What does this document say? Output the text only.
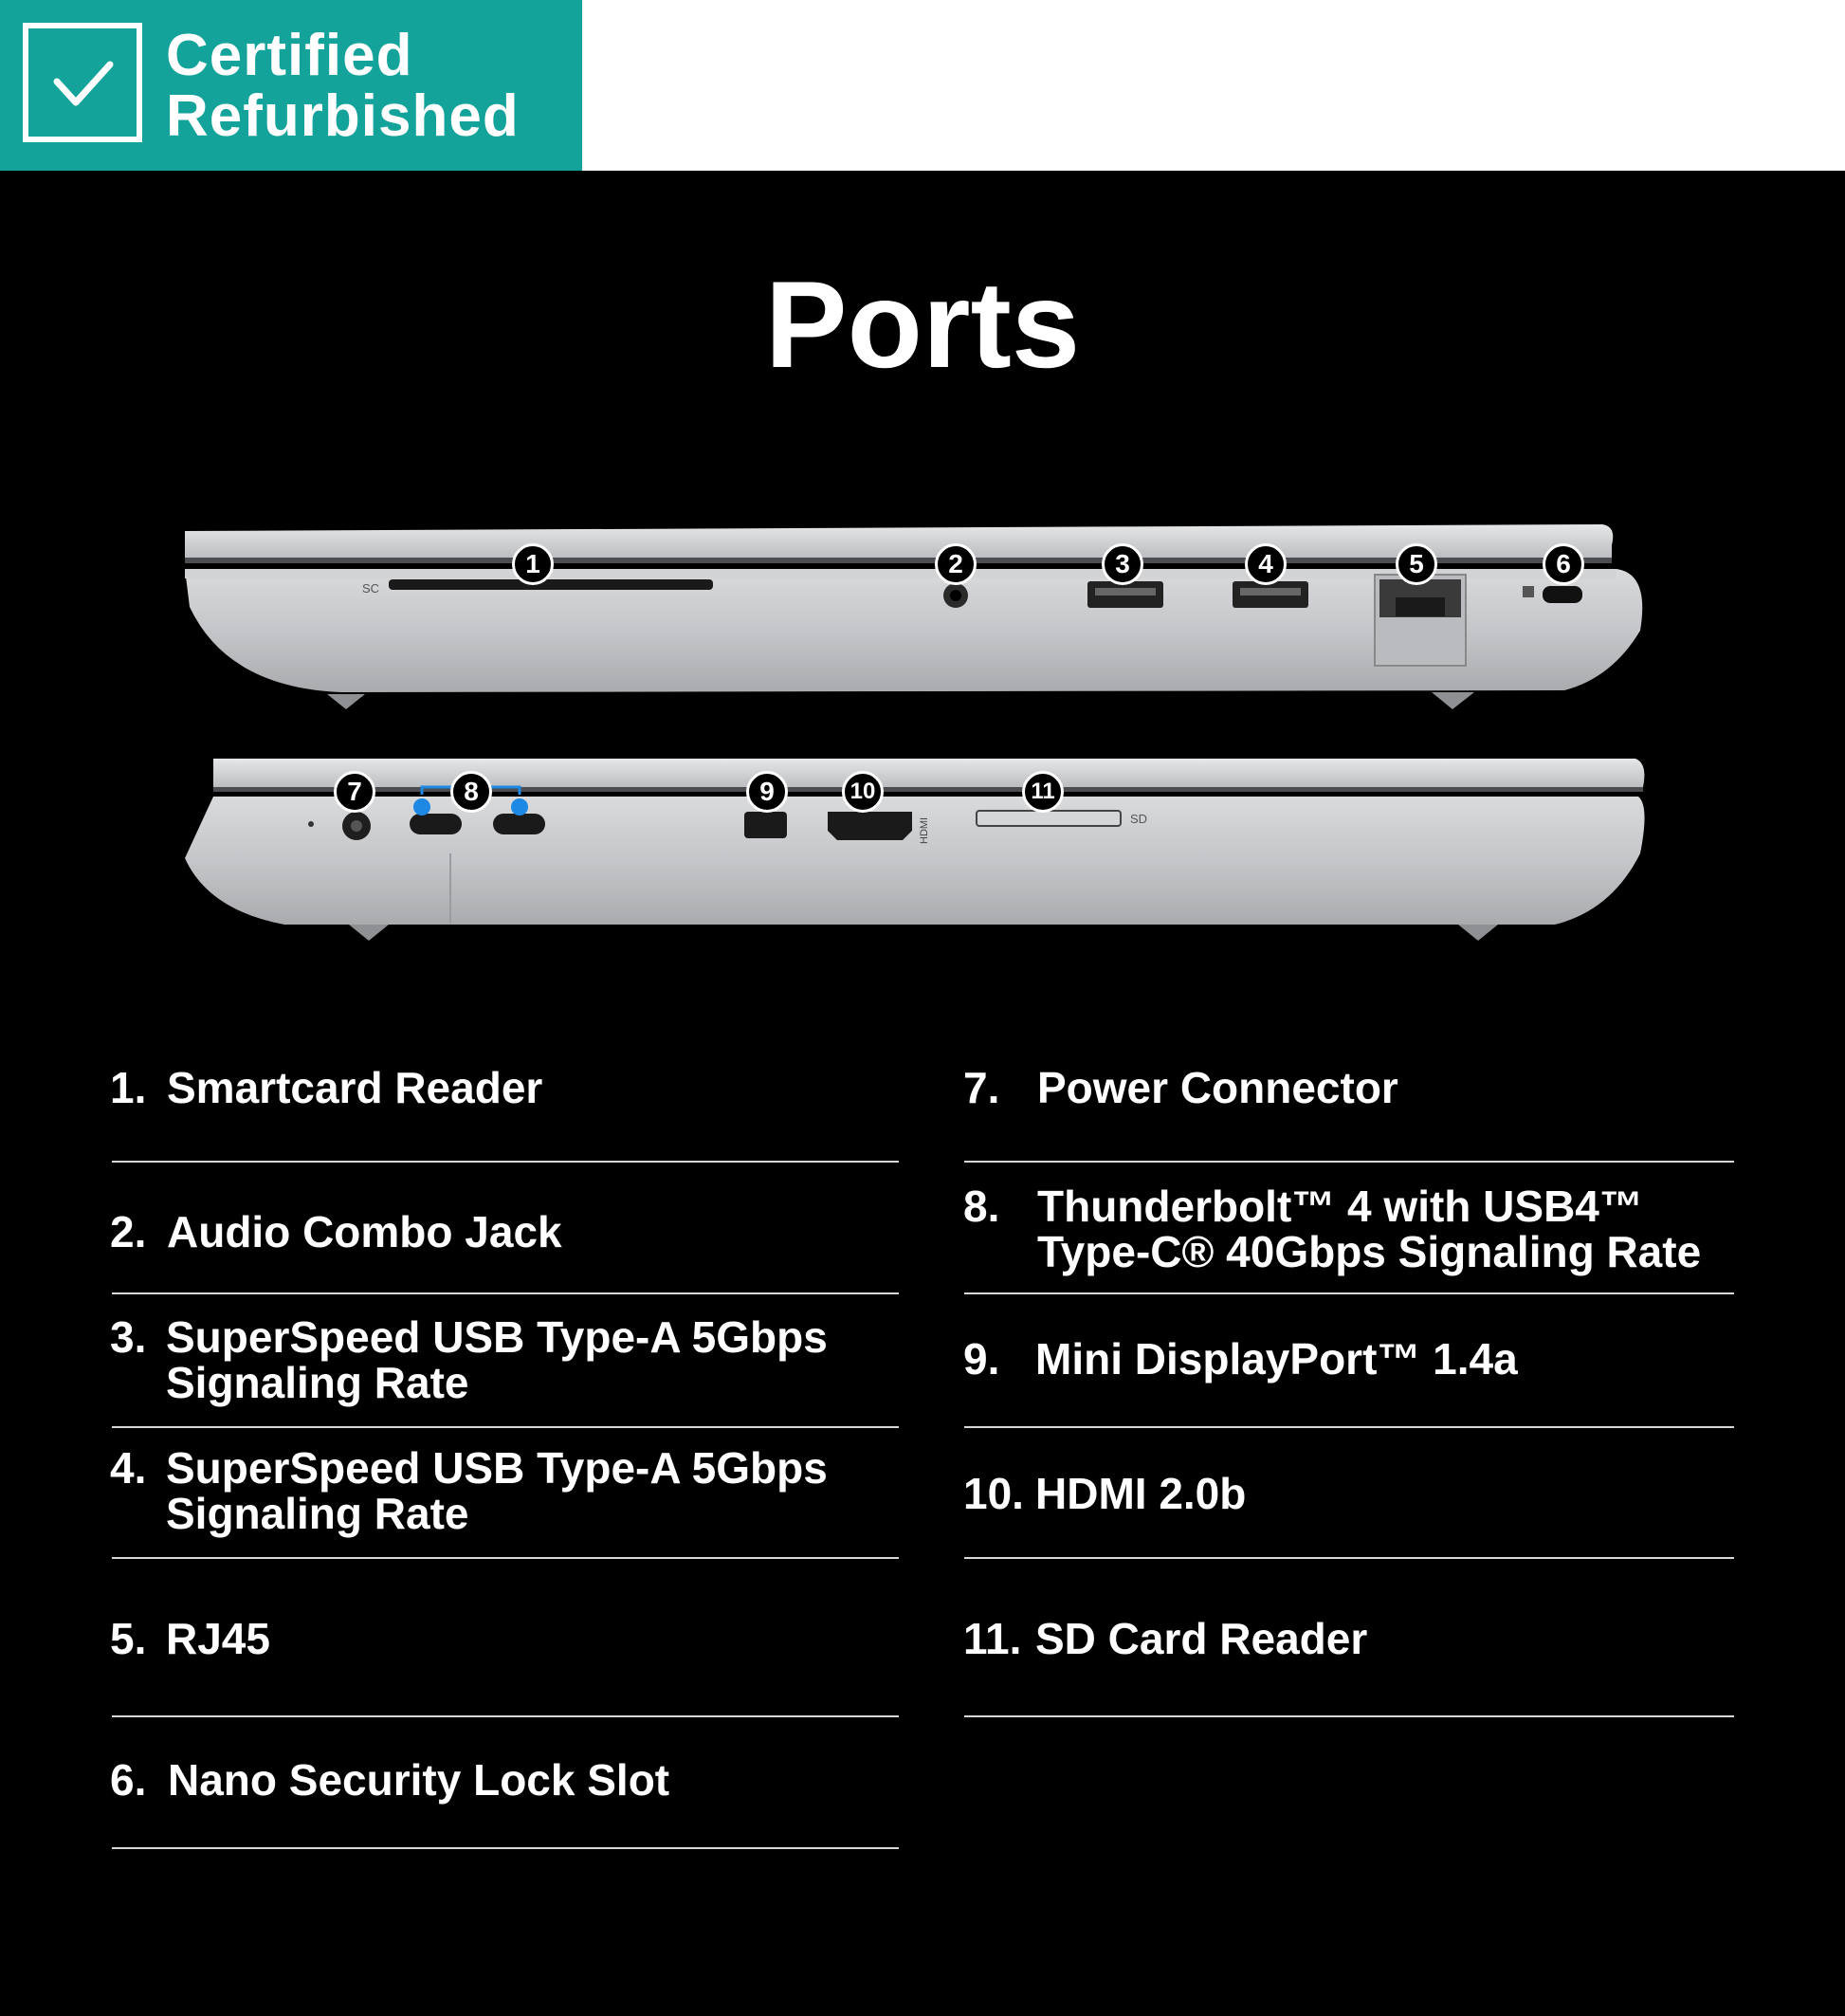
Certified
Refurbished
Ports
SC
HDMI	SD
1	2	3	4	5	6
7	8	9	10	11
1. Smartcard Reader
2. Audio Combo Jack
3. SuperSpeed USB Type-A 5Gbps
Signaling Rate
4. SuperSpeed USB Type-A 5Gbps
Signaling Rate
5. RJ45
6. Nano Security Lock Slot
7. Power Connector
8. Thunderbolt™ 4 with USB4™
Type-C® 40Gbps Signaling Rate
9. Mini DisplayPort™ 1.4a
10. HDMI 2.0b
11. SD Card Reader
